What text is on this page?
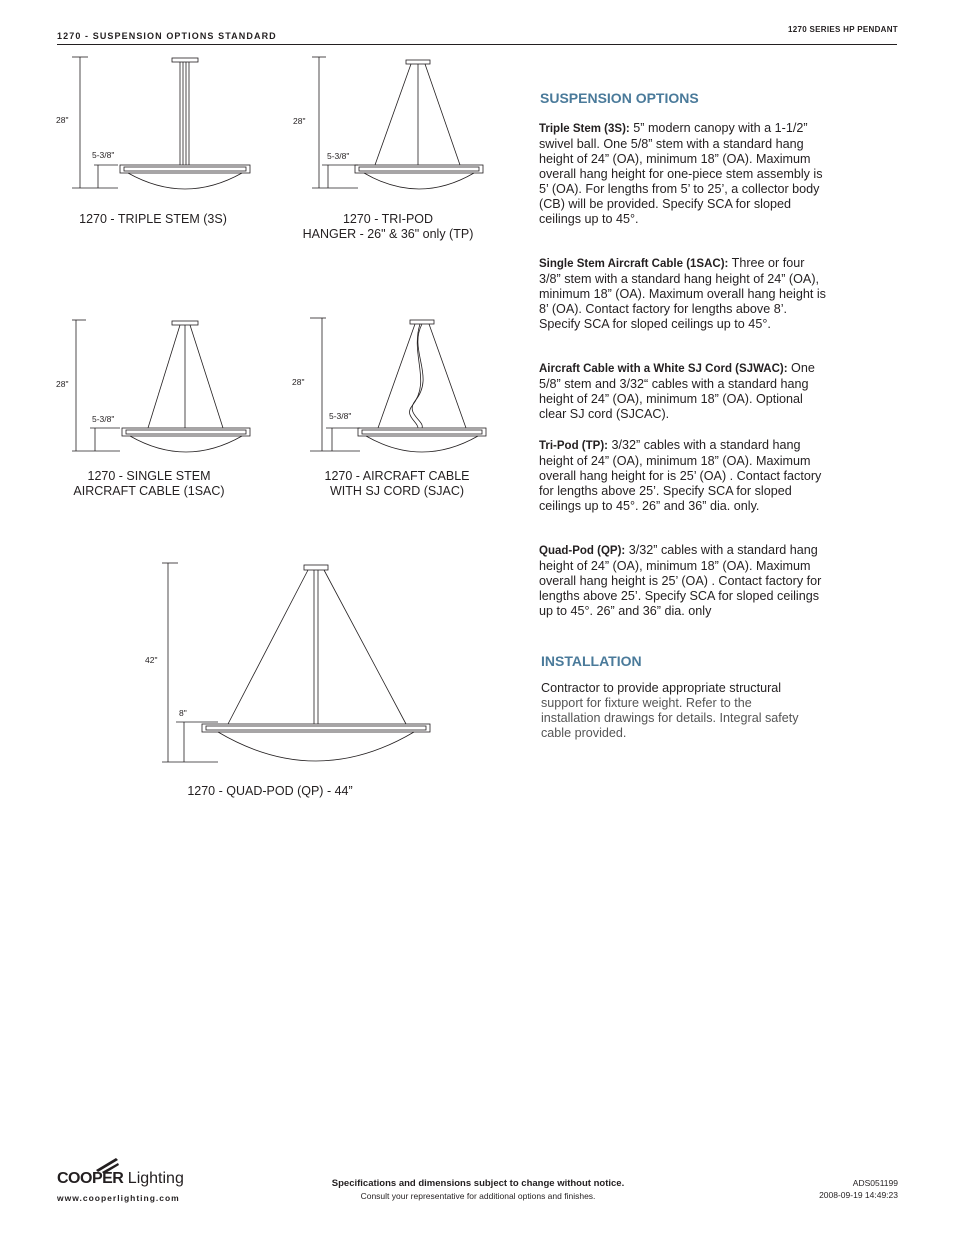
1270 - SUSPENSION OPTIONS STANDARD
1270 SERIES HP PENDANT
28"
5-3/8"
1270 - TRIPLE STEM (3S)
28"
5-3/8"
1270 - TRI-POD
HANGER - 26" & 36" only (TP)
28"
5-3/8"
1270 - SINGLE STEM
AIRCRAFT CABLE (1SAC)
28"
5-3/8"
1270 - AIRCRAFT CABLE
WITH SJ CORD (SJAC)
42"
8"
1270 - QUAD-POD (QP) - 44”
SUSPENSION OPTIONS
Triple Stem (3S): 5” modern canopy with a 1-1/2” swivel ball. One 5/8” stem with a standard hang height of 24” (OA), minimum 18” (OA). Maximum overall hang height for one-piece stem assembly is 5’ (OA). For lengths from 5’ to 25’, a collector body (CB) will be provided. Specify SCA for sloped ceilings up to 45°.
Single Stem Aircraft Cable (1SAC): Three or four 3/8” stem with a standard hang height of 24” (OA), minimum 18” (OA). Maximum overall hang height is 8’ (OA). Contact factory for lengths above 8’. Specify SCA for sloped ceilings up to 45°.
Aircraft Cable with a White SJ Cord (SJWAC): One 5/8” stem and 3/32“ cables with a standard hang height of 24” (OA), minimum 18” (OA). Optional clear SJ cord (SJCAC).
Tri-Pod (TP): 3/32” cables with a standard hang height of 24” (OA), minimum 18” (OA). Maximum overall hang height for is 25’ (OA) . Contact factory for lengths above 25’. Specify SCA for sloped ceilings up to 45°. 26” and 36” dia. only.
Quad-Pod (QP): 3/32” cables with a standard hang height of 24” (OA), minimum 18” (OA). Maximum overall hang height is 25’ (OA) . Contact factory for lengths above 25’. Specify SCA for sloped ceilings up to 45°. 26” and 36” dia. only
INSTALLATION
Contractor to provide appropriate structural
support for fixture weight. Refer to the installation drawings for details. Integral safety cable provided.
COOPER Lighting
www.cooperlighting.com
Specifications and dimensions subject to change without notice.
Consult your representative for additional options and finishes.
ADS051199
2008-09-19 14:49:23
